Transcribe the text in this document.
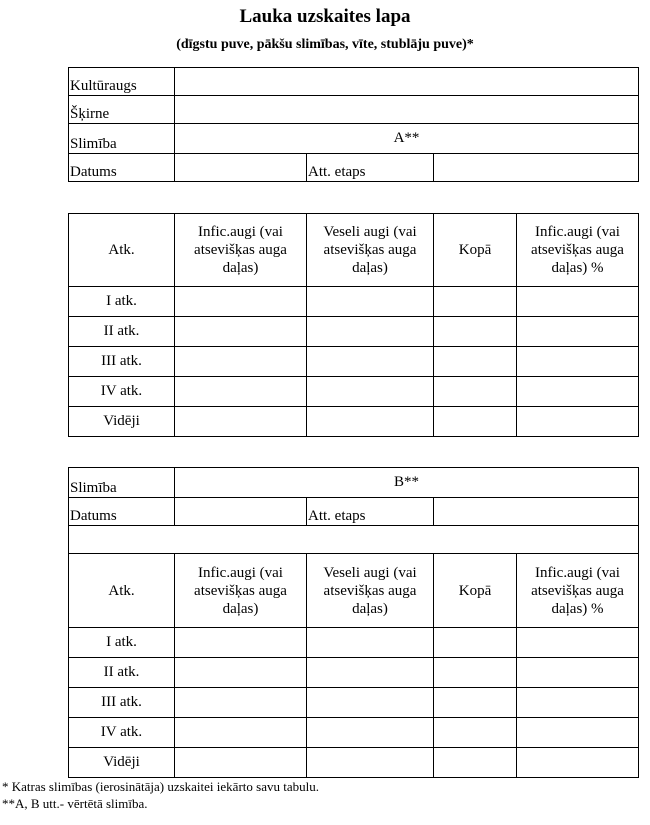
Lauka uzskaites lapa
(dīgstu puve, pākšu slimības, vīte, stublāju puve)*
Kultūraugs			
Šķirne			
Slimība	A**		
Datums		Att. etaps	
Atk.	Infic.augi (vai atsevišķas auga daļas)	Veseli augi (vai atsevišķas auga daļas)	Kopā	Infic.augi (vai atsevišķas auga daļas) %
I atk.				
II atk.				
III atk.				
IV atk.				
Vidēji				
Slimība	B**			
Datums		Att. etaps		

Atk.	Infic.augi (vai atsevišķas auga daļas)	Veseli augi (vai atsevišķas auga daļas)	Kopā	Infic.augi (vai atsevišķas auga daļas) %
I atk.				
II atk.				
III atk.				
IV atk.				
Vidēji				
* Katras slimības (ierosinātāja) uzskaitei iekārto savu tabulu.
**A, B utt.- vērtētā slimība.
